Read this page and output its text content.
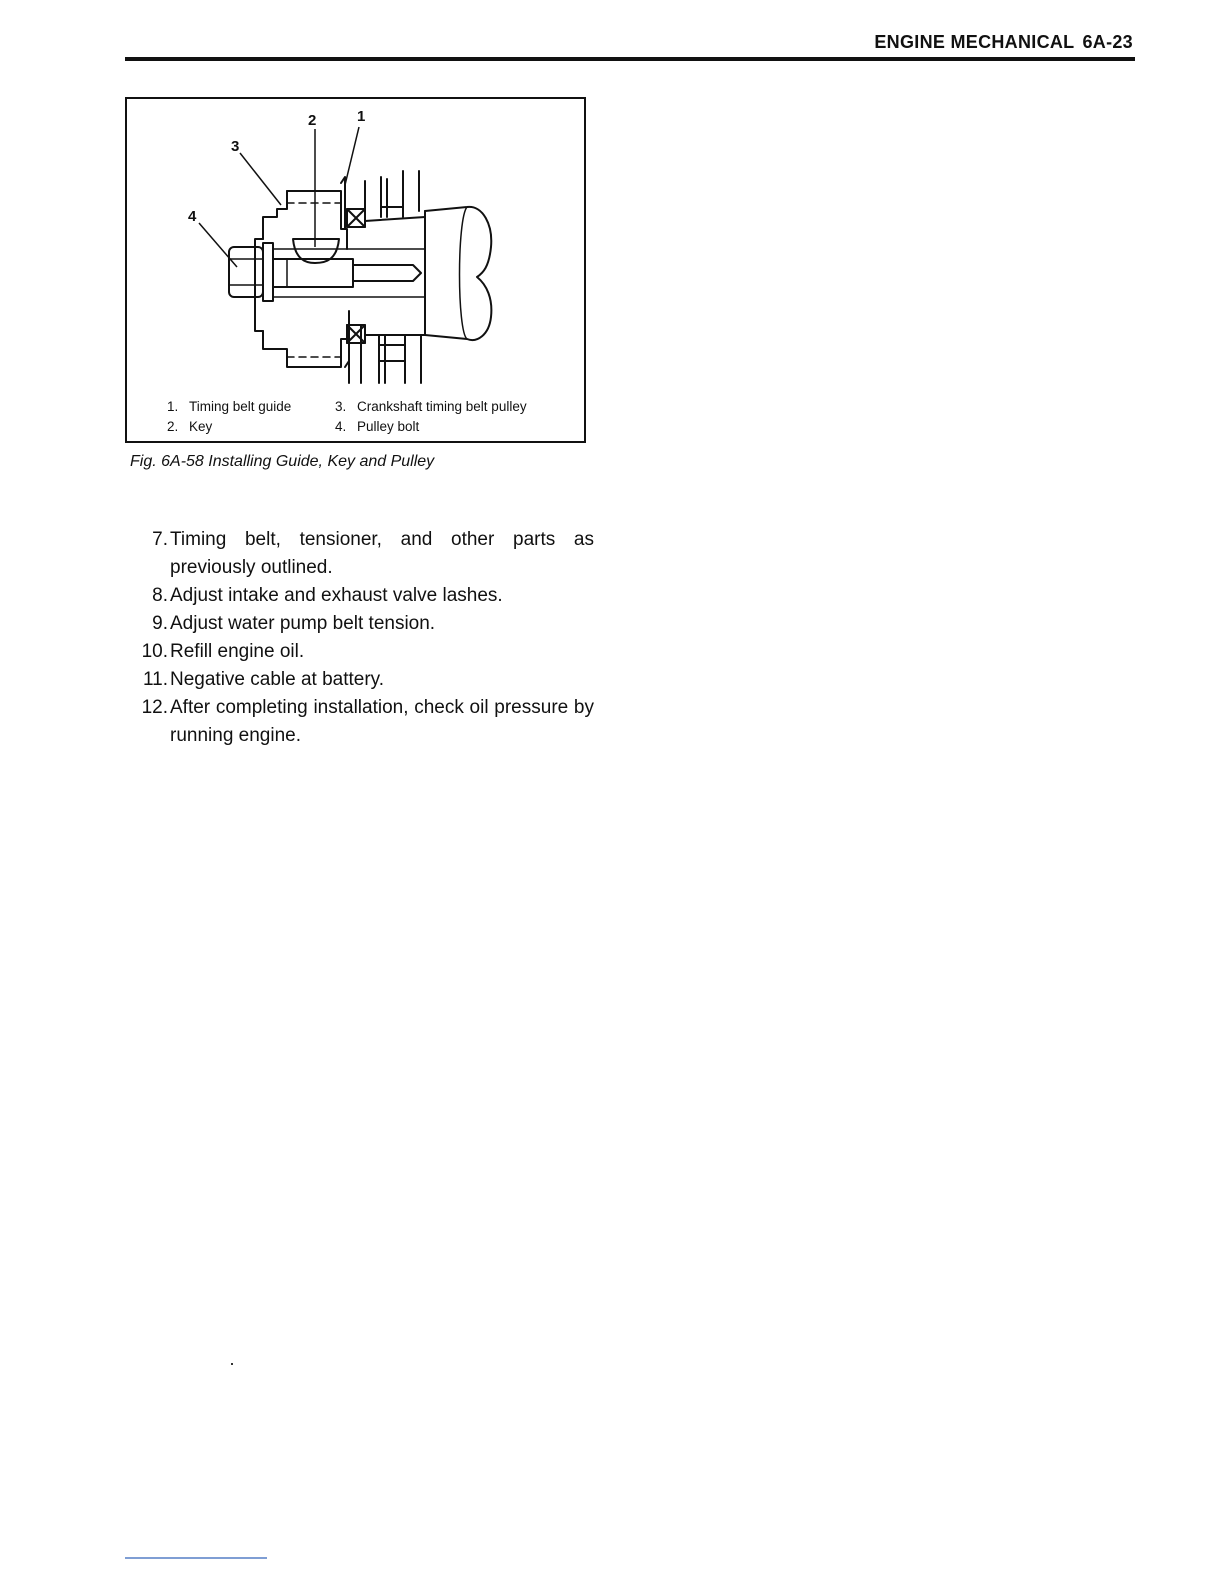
ENGINE MECHANICAL 6A-23
1
2
3
4
1. Timing belt guide	3. Crankshaft timing belt pulley
2. Key	4. Pulley bolt
Fig. 6A-58 Installing Guide, Key and Pulley
7. Timing belt, tensioner, and other parts as previously outlined.
8. Adjust intake and exhaust valve lashes.
9. Adjust water pump belt tension.
10. Refill engine oil.
11. Negative cable at battery.
12. After completing installation, check oil pressure by running engine.
